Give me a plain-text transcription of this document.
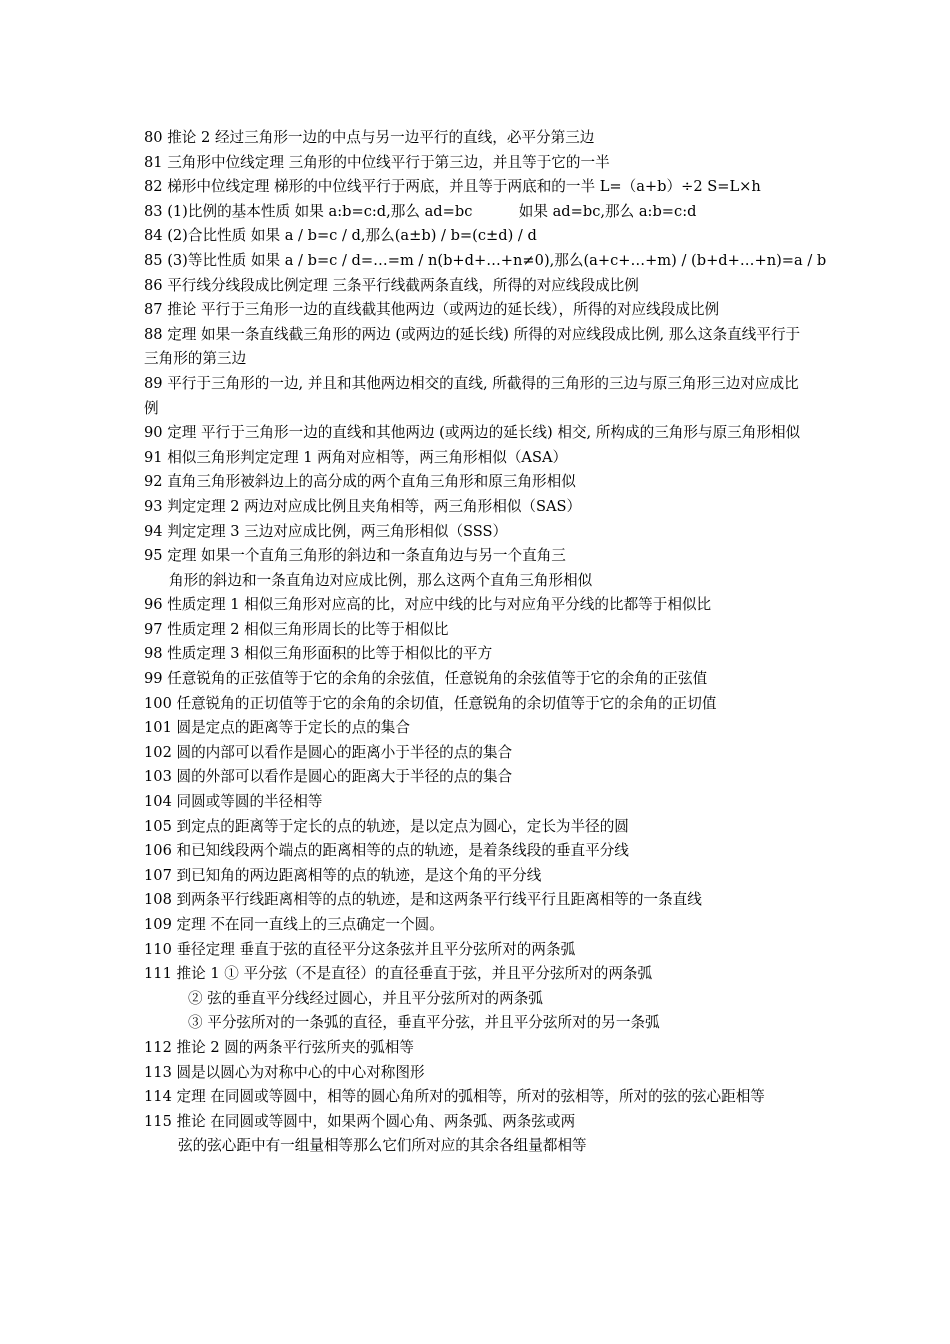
80 推论 2 经过三角形一边的中点与另一边平行的直线，必平分第三边
81 三角形中位线定理 三角形的中位线平行于第三边，并且等于它的一半
82 梯形中位线定理 梯形的中位线平行于两底，并且等于两底和的一半 L=（a+b）÷2 S=L×h
83 (1)比例的基本性质 如果 a:b=c:d,那么 ad=bc          如果 ad=bc,那么 a:b=c:d
84 (2)合比性质 如果 a / b=c / d,那么(a±b) / b=(c±d) / d
85 (3)等比性质 如果 a / b=c / d=…=m / n(b+d+…+n≠0),那么(a+c+…+m) / (b+d+…+n)=a / b
86 平行线分线段成比例定理 三条平行线截两条直线，所得的对应线段成比例
87 推论 平行于三角形一边的直线截其他两边（或两边的延长线），所得的对应线段成比例
88 定理 如果一条直线截三角形的两边 (或两边的延长线) 所得的对应线段成比例, 那么这条直线平行于 三角形的第三边
89 平行于三角形的一边, 并且和其他两边相交的直线, 所截得的三角形的三边与原三角形三边对应成比例
90 定理 平行于三角形一边的直线和其他两边 (或两边的延长线) 相交, 所构成的三角形与原三角形相似
91 相似三角形判定定理 1 两角对应相等，两三角形相似（ASA）
92 直角三角形被斜边上的高分成的两个直角三角形和原三角形相似
93 判定定理 2 两边对应成比例且夹角相等，两三角形相似（SAS）
94 判定定理 3 三边对应成比例，两三角形相似（SSS）
95 定理 如果一个直角三角形的斜边和一条直角边与另一个直角三
角形的斜边和一条直角边对应成比例，那么这两个直角三角形相似
96 性质定理 1 相似三角形对应高的比，对应中线的比与对应角平分线的比都等于相似比
97 性质定理 2 相似三角形周长的比等于相似比
98 性质定理 3 相似三角形面积的比等于相似比的平方
99 任意锐角的正弦值等于它的余角的余弦值，任意锐角的余弦值等于它的余角的正弦值
100 任意锐角的正切值等于它的余角的余切值，任意锐角的余切值等于它的余角的正切值
101 圆是定点的距离等于定长的点的集合
102 圆的内部可以看作是圆心的距离小于半径的点的集合
103 圆的外部可以看作是圆心的距离大于半径的点的集合
104 同圆或等圆的半径相等
105 到定点的距离等于定长的点的轨迹，是以定点为圆心，定长为半径的圆
106 和已知线段两个端点的距离相等的点的轨迹，是着条线段的垂直平分线
107 到已知角的两边距离相等的点的轨迹，是这个角的平分线
108 到两条平行线距离相等的点的轨迹，是和这两条平行线平行且距离相等的一条直线
109 定理 不在同一直线上的三点确定一个圆。
110 垂径定理 垂直于弦的直径平分这条弦并且平分弦所对的两条弧
111 推论 1 ① 平分弦（不是直径）的直径垂直于弦，并且平分弦所对的两条弧
② 弦的垂直平分线经过圆心，并且平分弦所对的两条弧
③ 平分弦所对的一条弧的直径，垂直平分弦，并且平分弦所对的另一条弧
112 推论 2 圆的两条平行弦所夹的弧相等
113 圆是以圆心为对称中心的中心对称图形
114 定理 在同圆或等圆中，相等的圆心角所对的弧相等，所对的弦相等，所对的弦的弦心距相等
115 推论 在同圆或等圆中，如果两个圆心角、两条弧、两条弦或两
弦的弦心距中有一组量相等那么它们所对应的其余各组量都相等
